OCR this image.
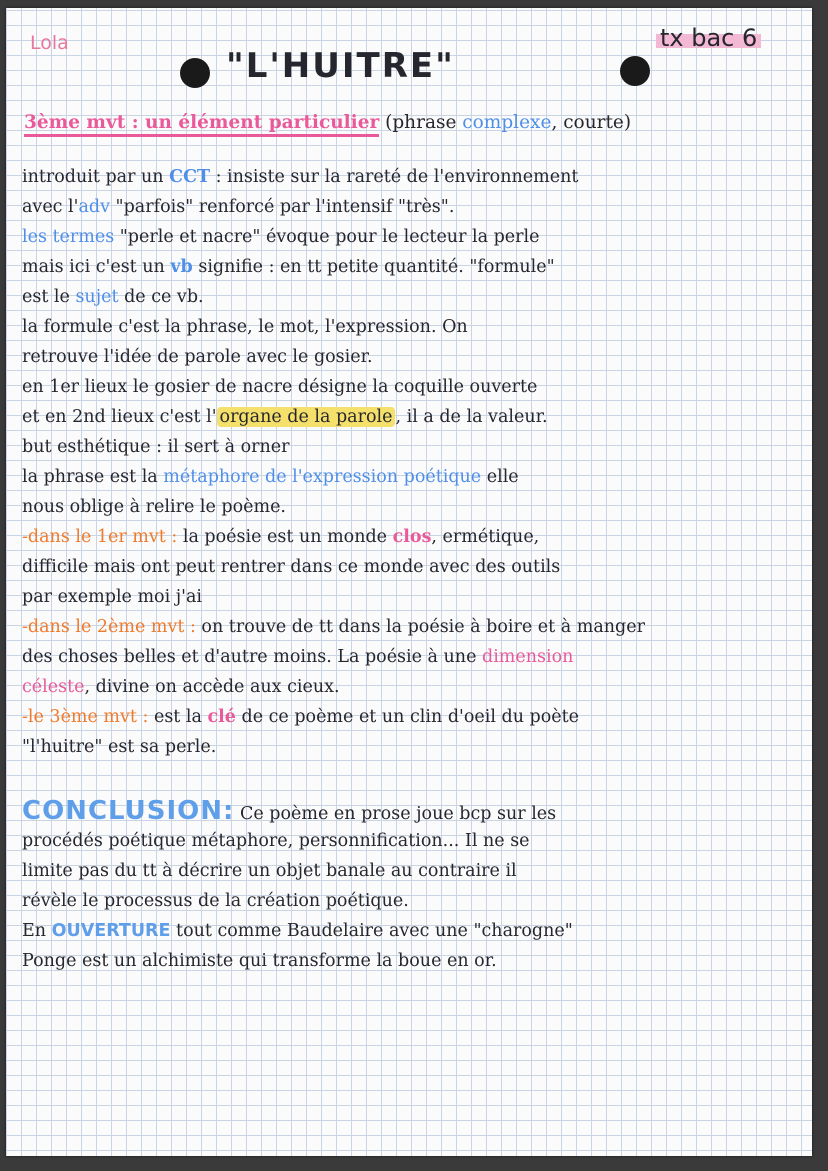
Lola
"L'HUITRE"
tx bac 6
3ème mvt : un élément particulier (phrase complexe, courte)
introduit par un CCT : insiste sur la rareté de l'environnement
avec l'adv "parfois" renforcé par l'intensif "très".
les termes "perle et nacre" évoque pour le lecteur la perle
mais ici c'est un vb signifie : en tt petite quantité. "formule"
est le sujet de ce vb.
la formule c'est la phrase, le mot, l'expression. On
retrouve l'idée de parole avec le gosier.
en 1er lieux le gosier de nacre désigne la coquille ouverte
et en 2nd lieux c'est l' organe de la parole , il a de la valeur.
but esthétique : il sert à orner
la phrase est la métaphore de l'expression poétique elle
nous oblige à relire le poème.
-dans le 1er mvt : la poésie est un monde clos, ermétique,
difficile mais ont peut rentrer dans ce monde avec des outils
par exemple moi j'ai
-dans le 2ème mvt : on trouve de tt dans la poésie à boire et à manger
des choses belles et d'autre moins. La poésie à une dimension
céleste, divine on accède aux cieux.
-le 3ème mvt : est la clé de ce poème et un clin d'oeil du poète
"l'huitre" est sa perle.
CONCLUSION: Ce poème en prose joue bcp sur les
procédés poétique métaphore, personnification... Il ne se
limite pas du tt à décrire un objet banale au contraire il
révèle le processus de la création poétique.
En OUVERTURE tout comme Baudelaire avec une "charogne"
Ponge est un alchimiste qui transforme la boue en or.
